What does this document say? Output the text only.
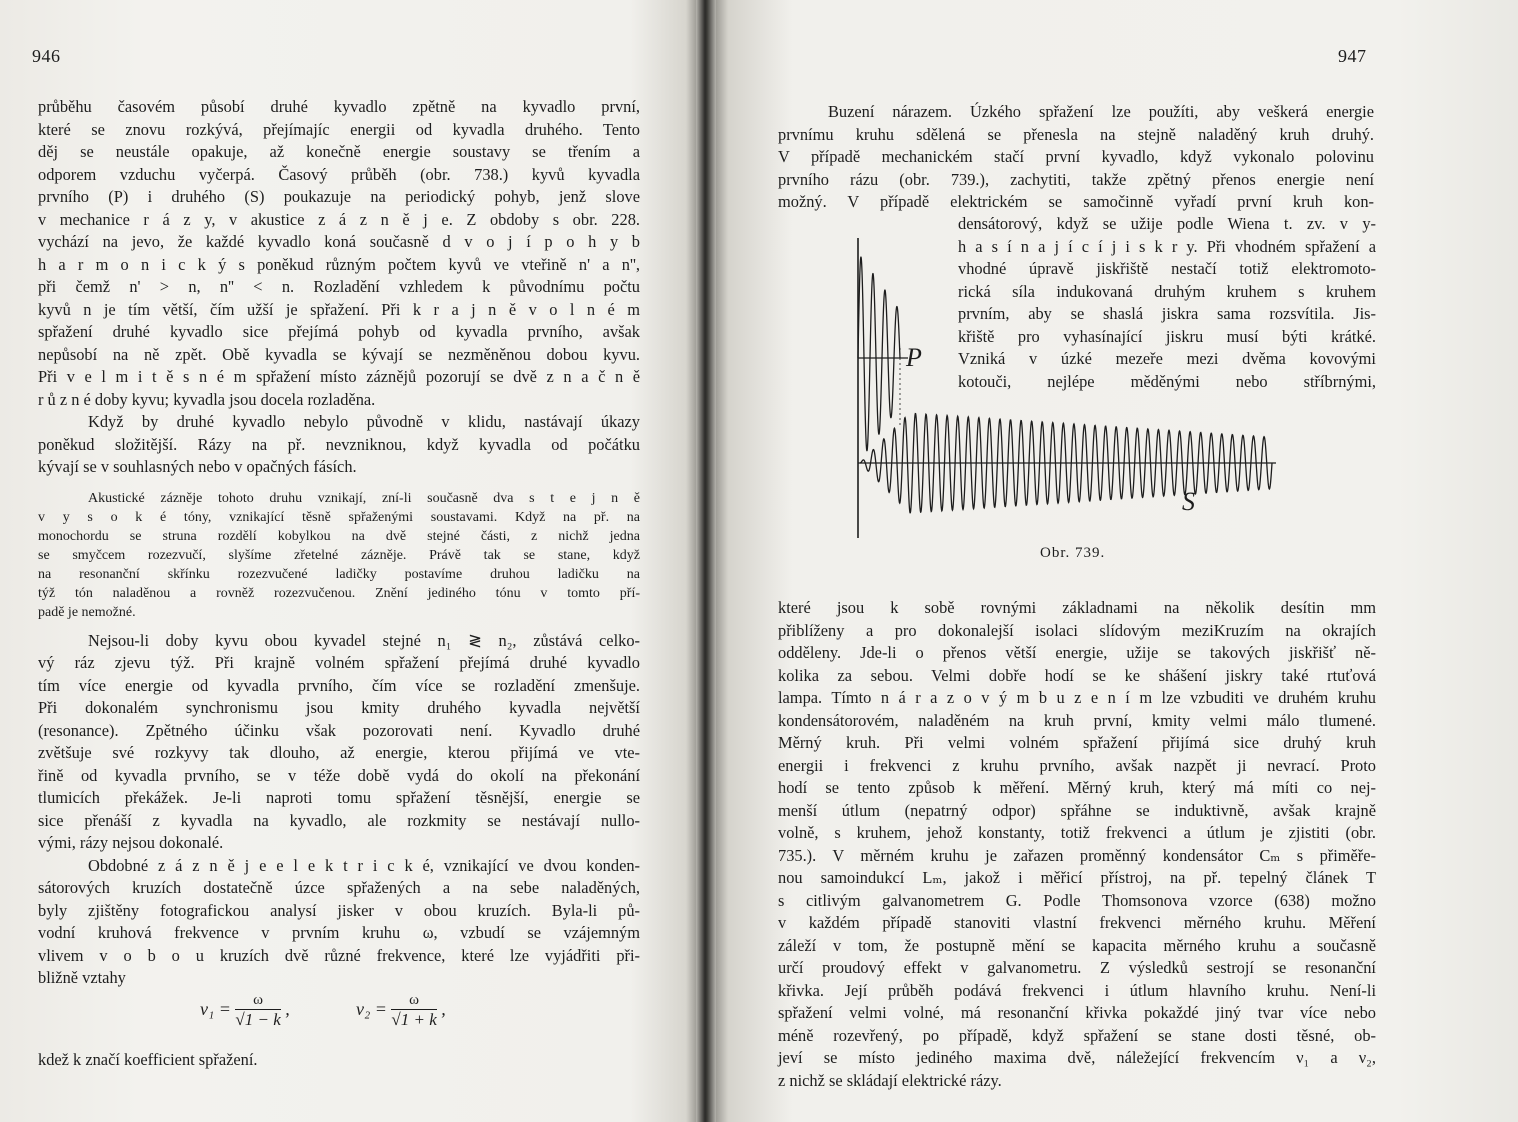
946	947
průběhu časovém působí druhé kyvadlo zpětně na kyvadlo první,
které se znovu rozkývá, přejímajíc energii od kyvadla druhého. Tento
děj se neustále opakuje, až konečně energie soustavy se třením a
odporem vzduchu vyčerpá. Časový průběh (obr. 738.) kyvů kyvadla
prvního (P) i druhého (S) poukazuje na periodický pohyb, jenž slove
v mechanice r á z y, v akustice z á z n ě j e. Z obdoby s obr. 228.
vychází na jevo, že každé kyvadlo koná současně d v o j í p o h y b
h a r m o n i c k ý s poněkud různým počtem kyvů ve vteřině n' a n'',
při čemž n' > n, n'' < n. Rozladění vzhledem k původnímu počtu
kyvů n je tím větší, čím užší je spřažení. Při k r a j n ě v o l n é m
spřažení druhé kyvadlo sice přejímá pohyb od kyvadla prvního, avšak
nepůsobí na ně zpět. Obě kyvadla se kývají se nezměněnou dobou kyvu.
Při v e l m i t ě s n é m spřažení místo záznějů pozorují se dvě z n a č n ě
r ů z n é doby kyvu; kyvadla jsou docela rozladěna.
Když by druhé kyvadlo nebylo původně v klidu, nastávají úkazy
poněkud složitější. Rázy na př. nevzniknou, když kyvadla od počátku
kývají se v souhlasných nebo v opačných fásích.
Akustické zázněje tohoto druhu vznikají, zní-li současně dva s t e j n ě
v y s o k é tóny, vznikající těsně spřaženými soustavami. Když na př. na
monochordu se struna rozdělí kobylkou na dvě stejné části, z nichž jedna
se smyčcem rozezvučí, slyšíme zřetelné zázněje. Právě tak se stane, když
na resonanční skřínku rozezvučené ladičky postavíme druhou ladičku na
týž tón naladěnou a rovněž rozezvučenou. Znění jediného tónu v tomto pří-
padě je nemožné.
Nejsou-li doby kyvu obou kyvadel stejné n₁ ≷ n₂, zůstává celko-
vý ráz zjevu týž. Při krajně volném spřažení přejímá druhé kyvadlo
tím více energie od kyvadla prvního, čím více se rozladění zmenšuje.
Při dokonalém synchronismu jsou kmity druhého kyvadla největší
(resonance). Zpětného účinku však pozorovati není. Kyvadlo druhé
zvětšuje své rozkyvy tak dlouho, až energie, kterou přijímá ve vte-
řině od kyvadla prvního, se v téže době vydá do okolí na překonání
tlumicích překážek. Je-li naproti tomu spřažení těsnější, energie se
sice přenáší z kyvadla na kyvadlo, ale rozkmity se nestávají nullo-
vými, rázy nejsou dokonalé.
Obdobné z á z n ě j e e l e k t r i c k é, vznikající ve dvou konden-
sátorových kruzích dostatečně úzce spřažených a na sebe naladěných,
byly zjištěny fotografickou analysí jisker v obou kruzích. Byla-li pů-
vodní kruhová frekvence v prvním kruhu ω, vzbudí se vzájemným
vlivem v o b o u kruzích dvě různé frekvence, které lze vyjádřiti při-
bližně vztahy
$\nu_1 = \frac{\omega}{√1 - k}$ ,	$\nu_2 = \frac{\omega}{√1 + k}$ ,
kdež k značí koefficient spřažení.
Buzení nárazem. Úzkého spřažení lze použíti, aby veškerá energie
prvnímu kruhu sdělená se přenesla na stejně naladěný kruh druhý.
V případě mechanickém stačí první kyvadlo, když vykonalo polovinu
prvního rázu (obr. 739.), zachytiti, takže zpětný přenos energie není
možný. V případě elektrickém se samočinně vyřadí první kruh kon-
densátorový, když se užije podle Wiena t. zv. v y-
h a s í n a j í c í j i s k r y. Při vhodném spřažení a
vhodné úpravě jiskřiště nestačí totiž elektromoto-
rická síla indukovaná druhým kruhem s kruhem
prvním, aby se shaslá jiskra sama rozsvítila. Jis-
křiště pro vyhasínající jiskru musí býti krátké.
Vzniká v úzké mezeře mezi dvěma kovovými
kotouči, nejlépe měděnými nebo stříbrnými,
které jsou k sobě rovnými základnami na několik desítin mm
přiblíženy a pro dokonalejší isolaci slídovým meziKruzím na okrajích
odděleny. Jde-li o přenos větší energie, užije se takových jiskřišť ně-
kolika za sebou. Velmi dobře hodí se ke shášení jiskry také rtuťová
lampa. Tímto n á r a z o v ý m b u z e n í m lze vzbuditi ve druhém kruhu
kondensátorovém, naladěném na kruh první, kmity velmi málo tlumené.
Měrný kruh. Při velmi volném spřažení přijímá sice druhý kruh
energii i frekvenci z kruhu prvního, avšak nazpět ji nevrací. Proto
hodí se tento způsob k měření. Měrný kruh, který má míti co nej-
menší útlum (nepatrný odpor) spřáhne se induktivně, avšak krajně
volně, s kruhem, jehož konstanty, totiž frekvenci a útlum je zjistiti (obr.
735.). V měrném kruhu je zařazen proměnný kondensátor Cₘ s přiměře-
nou samoindukcí Lₘ, jakož i měřicí přístroj, na př. tepelný článek T
s citlivým galvanometrem G. Podle Thomsonova vzorce (638) možno
v každém případě stanoviti vlastní frekvenci měrného kruhu. Měření
záleží v tom, že postupně mění se kapacita měrného kruhu a současně
určí proudový effekt v galvanometru. Z výsledků sestrojí se resonanční
křivka. Její průběh podává frekvenci i útlum hlavního kruhu. Není-li
spřažení velmi volné, má resonanční křivka pokaždé jiný tvar více nebo
méně rozevřený, po případě, když spřažení se stane dosti těsné, ob-
jeví se místo jediného maxima dvě, náležející frekvencím ν₁ a ν₂,
z nichž se skládají elektrické rázy.
P
S
Obr. 739.
